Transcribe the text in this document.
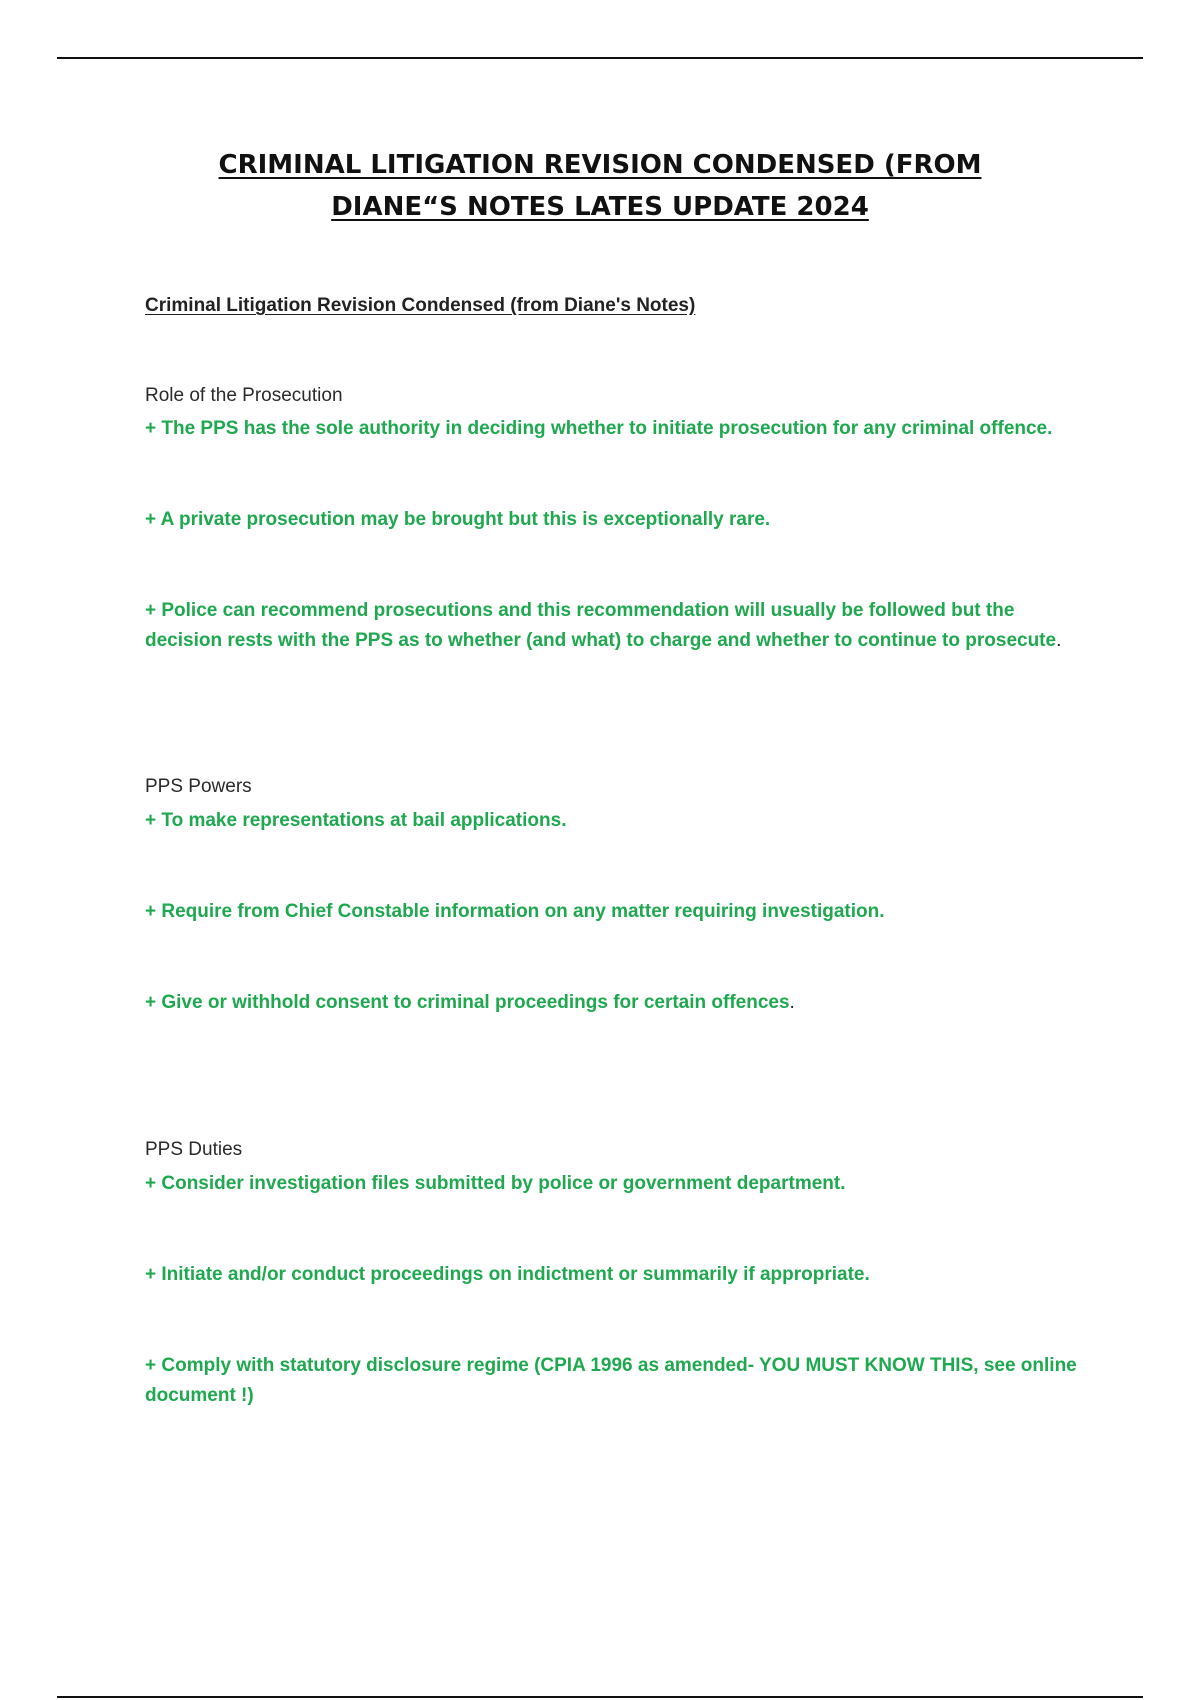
CRIMINAL LITIGATION REVISION CONDENSED (FROM
DIANE“S NOTES LATES UPDATE 2024

Criminal Litigation Revision Condensed (from Diane's Notes)

Role of the Prosecution

+ The PPS has the sole authority in deciding whether to initiate prosecution for any criminal offence.

+ A private prosecution may be brought but this is exceptionally rare.

+ Police can recommend prosecutions and this recommendation will usually be followed but the decision rests with the PPS as to whether (and what) to charge and whether to continue to prosecute.

PPS Powers

+ To make representations at bail applications.

+ Require from Chief Constable information on any matter requiring investigation.

+ Give or withhold consent to criminal proceedings for certain offences.

PPS Duties

+ Consider investigation files submitted by police or government department.

+ Initiate and/or conduct proceedings on indictment or summarily if appropriate.

+ Comply with statutory disclosure regime (CPIA 1996 as amended- YOU MUST KNOW THIS, see online document !)
